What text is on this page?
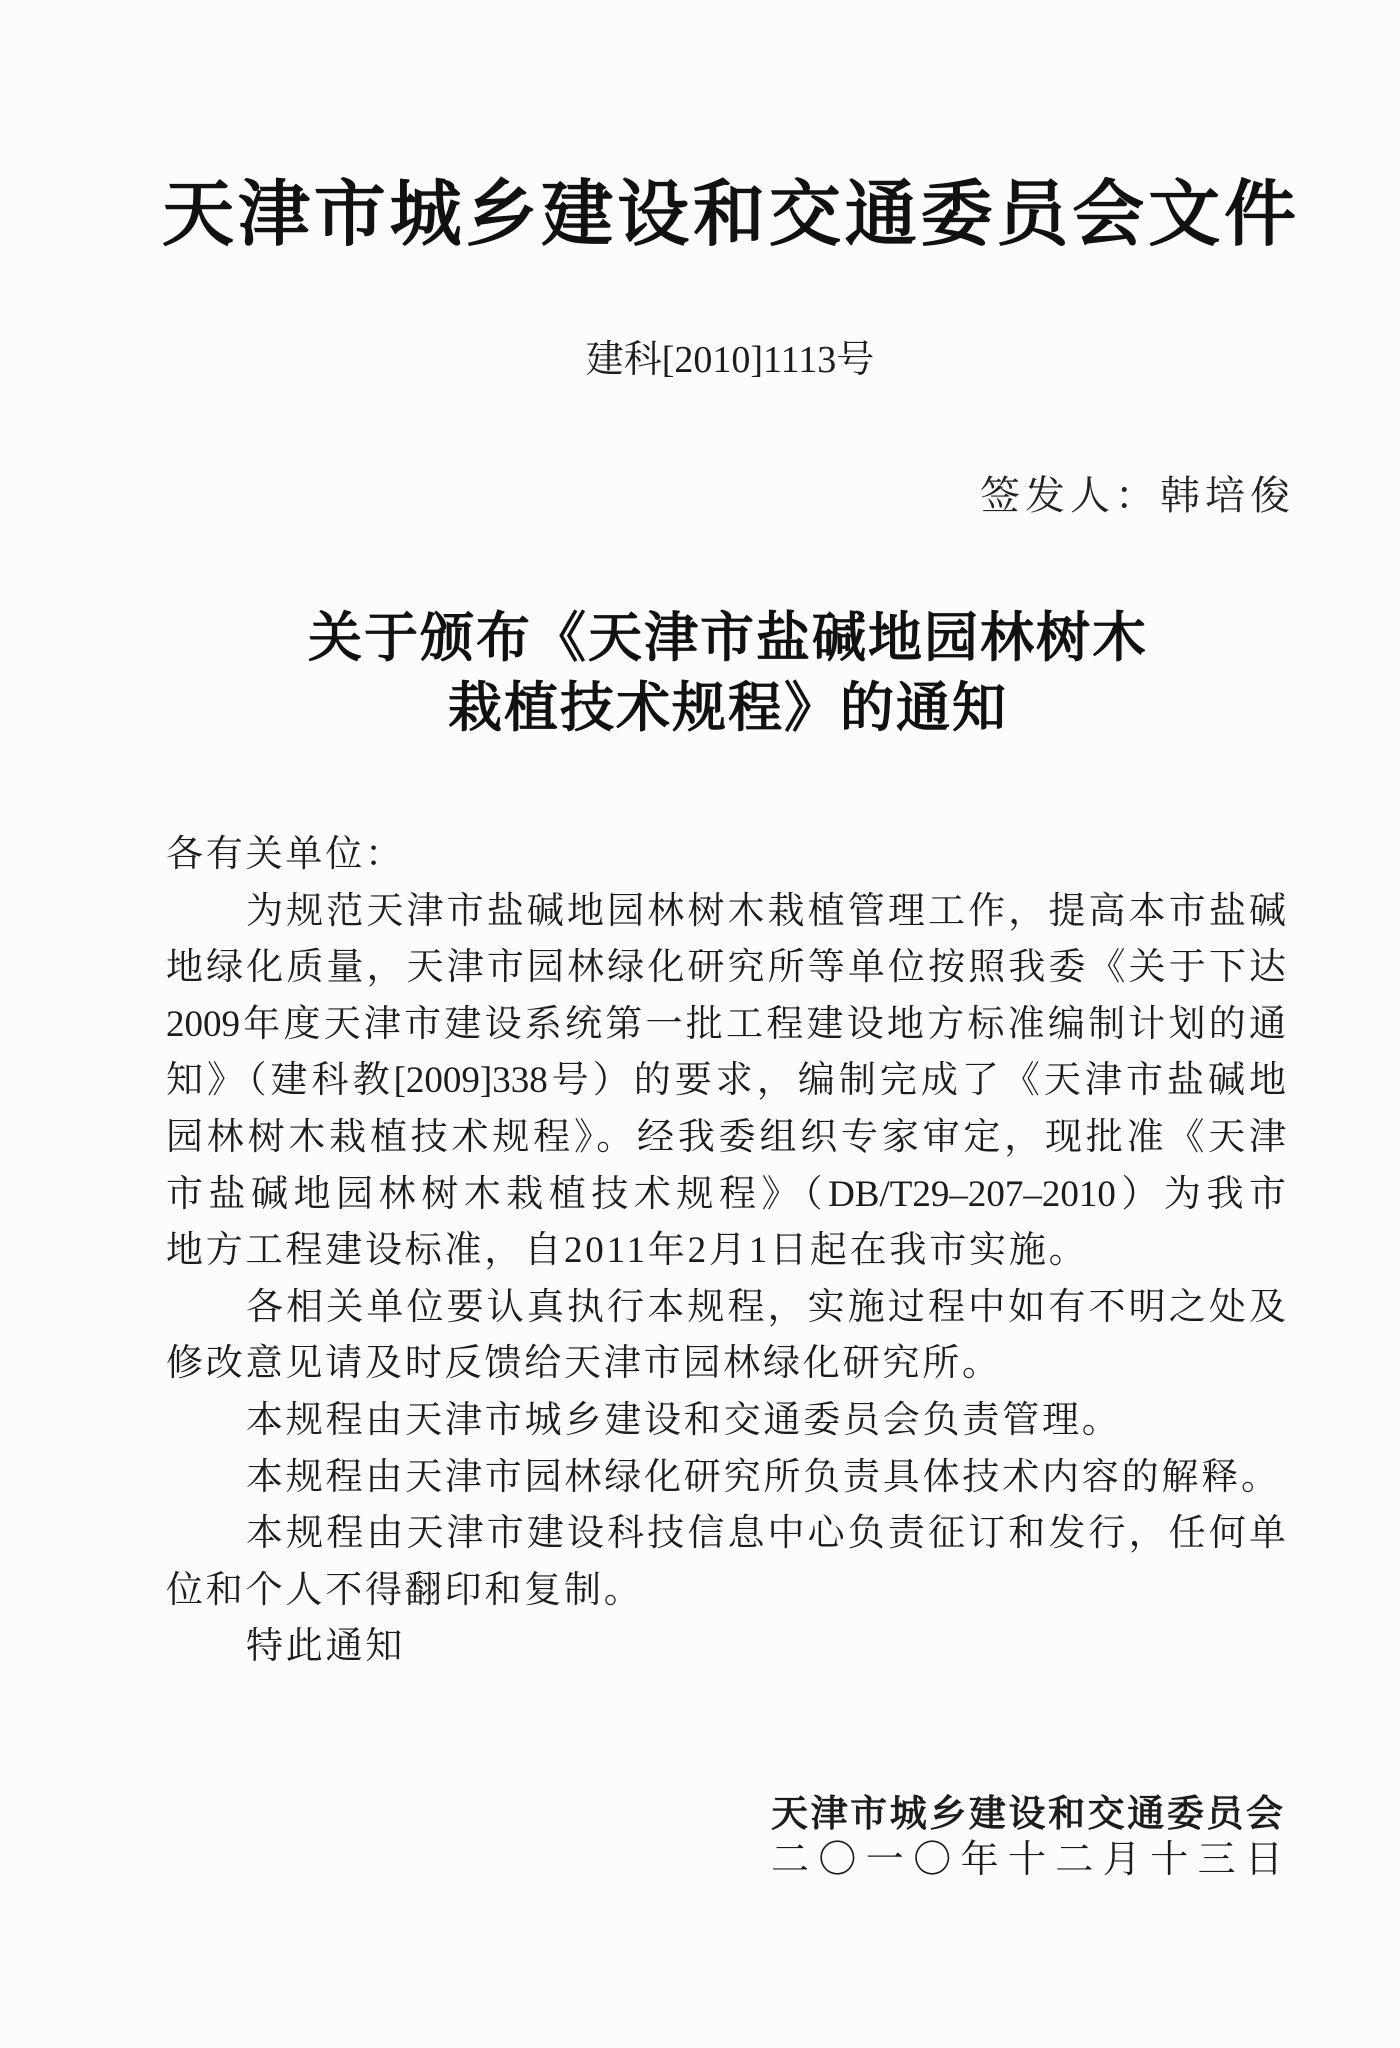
天津市城乡建设和交通委员会文件
建科[2010]1113号
签发人：韩培俊
关于颁布《天津市盐碱地园林树木
栽植技术规程》的通知
各有关单位：
为规范天津市盐碱地园林树木栽植管理工作，提高本市盐碱
地绿化质量，天津市园林绿化研究所等单位按照我委《关于下达
2009年度天津市建设系统第一批工程建设地方标准编制计划的通
知》（建科教[2009]338号）的要求，编制完成了《天津市盐碱地
园林树木栽植技术规程》。经我委组织专家审定，现批准《天津
市盐碱地园林树木栽植技术规程》（DB/T29–207–2010）为我市
地方工程建设标准，自2011年2月1日起在我市实施。
各相关单位要认真执行本规程，实施过程中如有不明之处及
修改意见请及时反馈给天津市园林绿化研究所。
本规程由天津市城乡建设和交通委员会负责管理。
本规程由天津市园林绿化研究所负责具体技术内容的解释。
本规程由天津市建设科技信息中心负责征订和发行，任何单
位和个人不得翻印和复制。
特此通知
天津市城乡建设和交通委员会
二〇一〇年十二月十三日
